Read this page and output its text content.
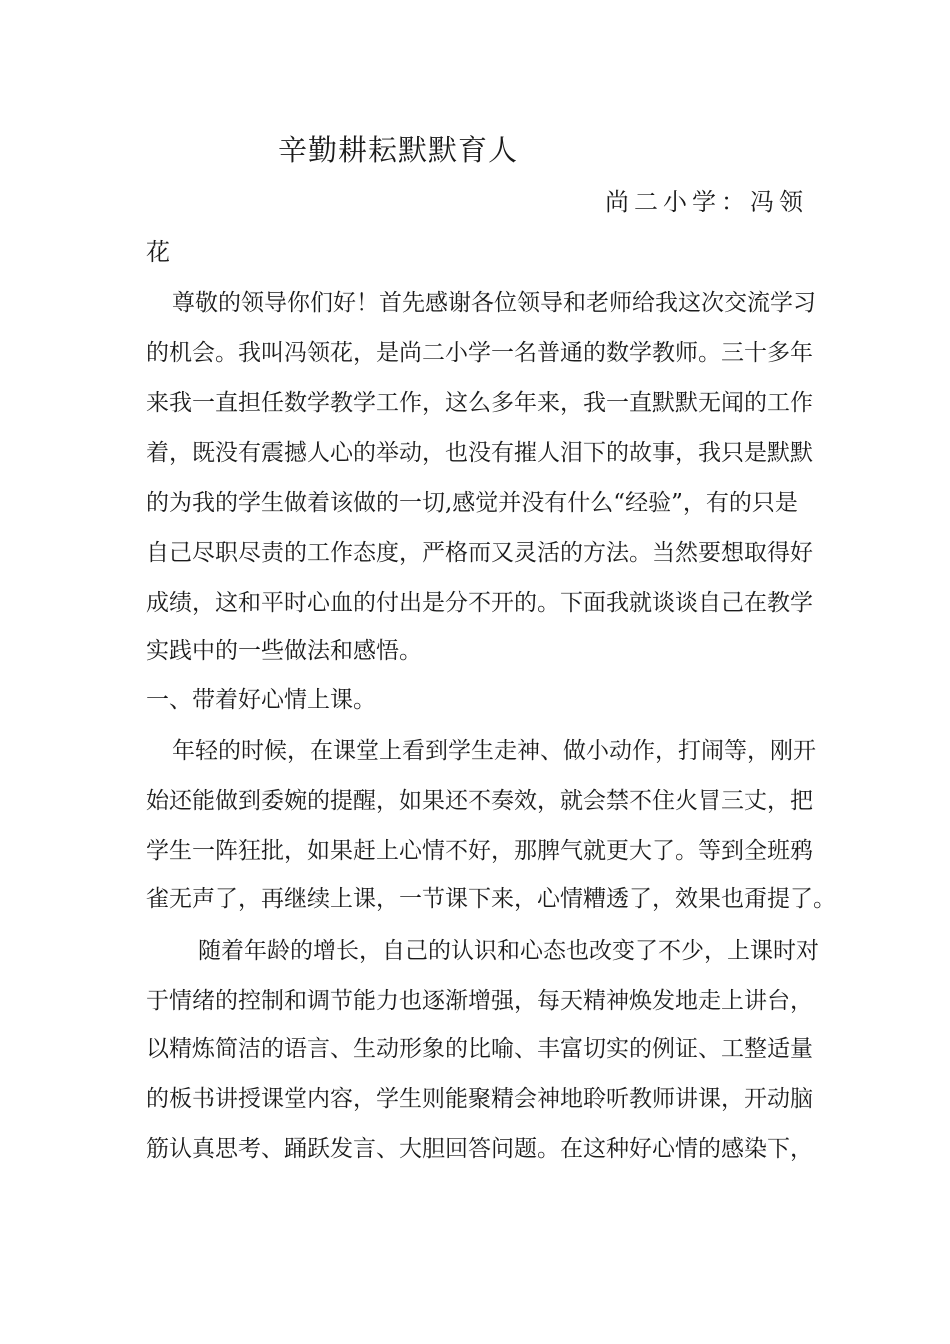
辛勤耕耘默默育人
尚二小学：冯领
花
尊敬的领导你们好！首先感谢各位领导和老师给我这次交流学习
的机会。我叫冯领花，是尚二小学一名普通的数学教师。三十多年
来我一直担任数学教学工作，这么多年来，我一直默默无闻的工作
着，既没有震撼人心的举动，也没有摧人泪下的故事，我只是默默
的为我的学生做着该做的一切,感觉并没有什么“经验”，有的只是
自己尽职尽责的工作态度，严格而又灵活的方法。当然要想取得好
成绩，这和平时心血的付出是分不开的。下面我就谈谈自己在教学
实践中的一些做法和感悟。
一、带着好心情上课。
年轻的时候，在课堂上看到学生走神、做小动作，打闹等，刚开
始还能做到委婉的提醒，如果还不奏效，就会禁不住火冒三丈，把
学生一阵狂批，如果赶上心情不好，那脾气就更大了。等到全班鸦
雀无声了，再继续上课，一节课下来，心情糟透了，效果也甭提了。
随着年龄的增长，自己的认识和心态也改变了不少，上课时对
于情绪的控制和调节能力也逐渐增强，每天精神焕发地走上讲台，
以精炼简洁的语言、生动形象的比喻、丰富切实的例证、工整适量
的板书讲授课堂内容，学生则能聚精会神地聆听教师讲课，开动脑
筋认真思考、踊跃发言、大胆回答问题。在这种好心情的感染下，
